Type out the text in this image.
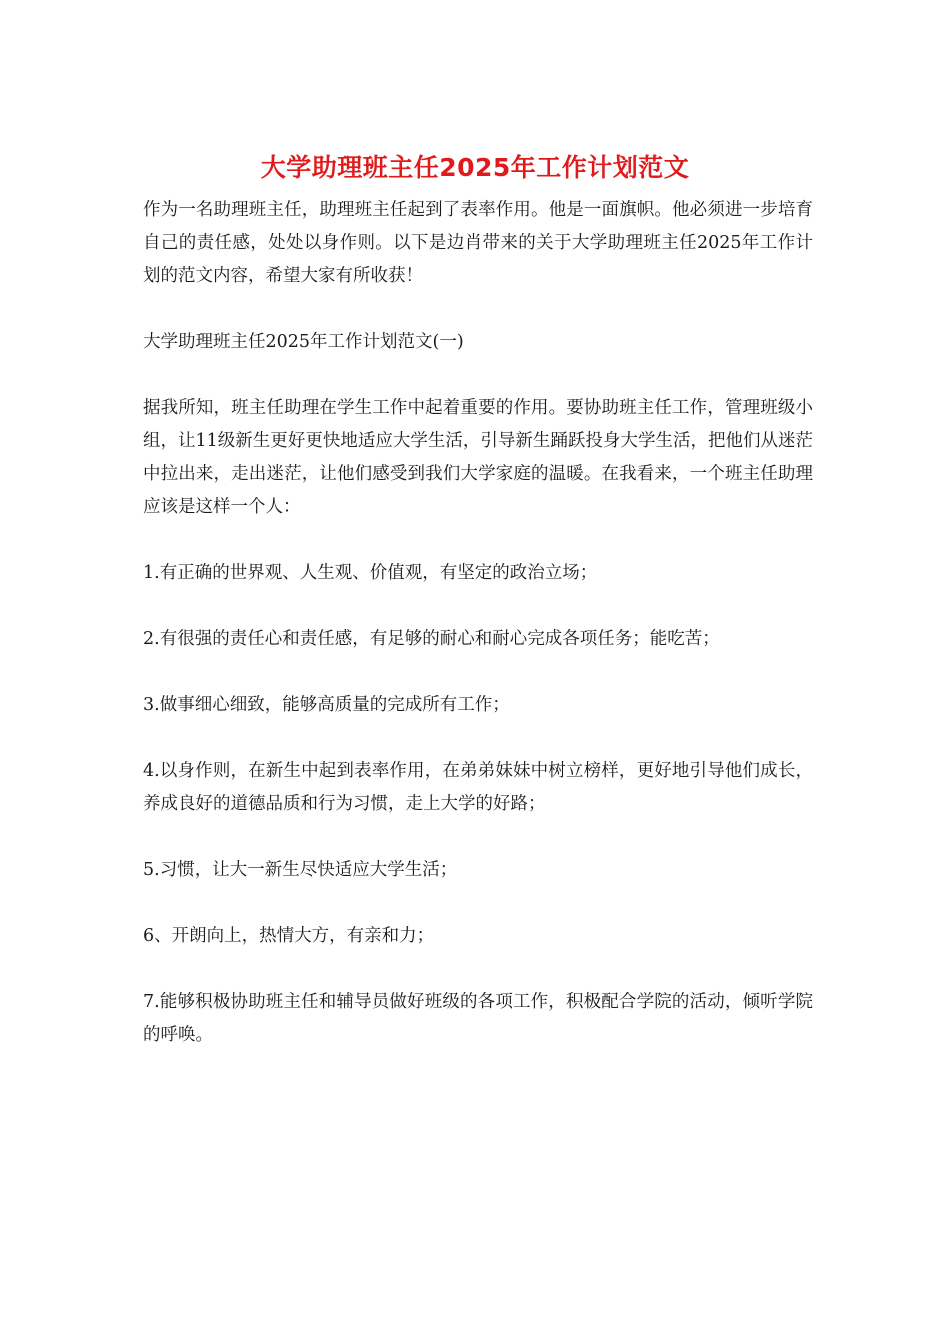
大学助理班主任2025年工作计划范文

作为一名助理班主任，助理班主任起到了表率作用。他是一面旗帜。他必须进一步培育自己的责任感，处处以身作则。以下是边肖带来的关于大学助理班主任2025年工作计划的范文内容，希望大家有所收获！

大学助理班主任2025年工作计划范文(一)

据我所知，班主任助理在学生工作中起着重要的作用。要协助班主任工作，管理班级小组，让11级新生更好更快地适应大学生活，引导新生踊跃投身大学生活，把他们从迷茫中拉出来，走出迷茫，让他们感受到我们大学家庭的温暖。在我看来，一个班主任助理应该是这样一个人：

1.有正确的世界观、人生观、价值观，有坚定的政治立场；

2.有很强的责任心和责任感，有足够的耐心和耐心完成各项任务；能吃苦；

3.做事细心细致，能够高质量的完成所有工作；

4.以身作则，在新生中起到表率作用，在弟弟妹妹中树立榜样，更好地引导他们成长，养成良好的道德品质和行为习惯，走上大学的好路；

5.习惯，让大一新生尽快适应大学生活；

6、开朗向上，热情大方，有亲和力；

7.能够积极协助班主任和辅导员做好班级的各项工作，积极配合学院的活动，倾听学院的呼唤。
